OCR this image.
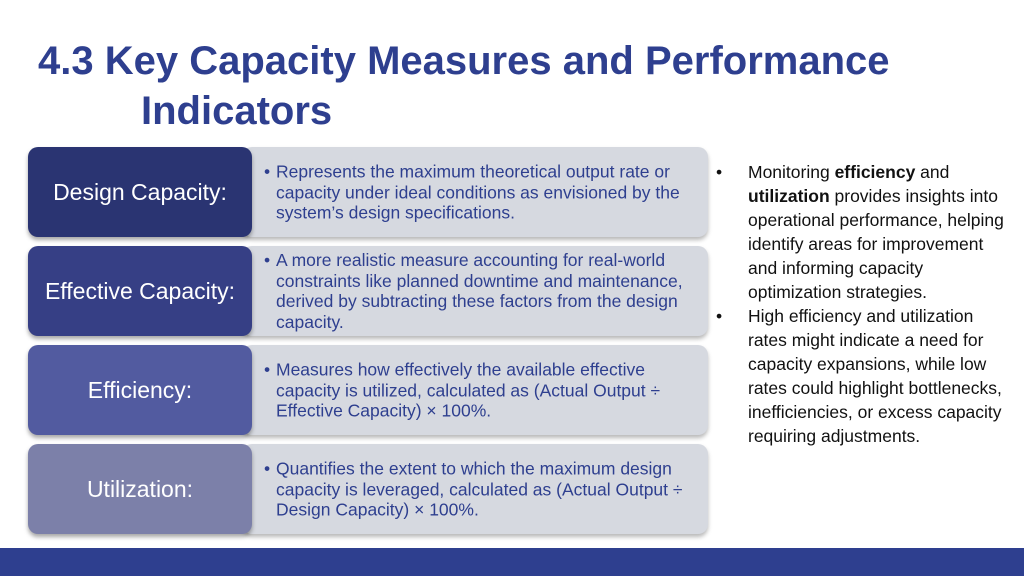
4.3 Key Capacity Measures and Performance
Indicators
• Represents the maximum theoretical output rate or capacity under ideal conditions as envisioned by the system’s design specifications.
Design Capacity:
• A more realistic measure accounting for real-world constraints like planned downtime and maintenance, derived by subtracting these factors from the design capacity.
Effective Capacity:
• Measures how effectively the available effective capacity is utilized, calculated as (Actual Output ÷ Effective Capacity) × 100%.
Efficiency:
• Quantifies the extent to which the maximum design capacity is leveraged, calculated as (Actual Output ÷ Design Capacity) × 100%.
Utilization:
• Monitoring efficiency and utilization provides insights into operational performance, helping identify areas for improvement and informing capacity optimization strategies.
• High efficiency and utilization rates might indicate a need for capacity expansions, while low rates could highlight bottlenecks, inefficiencies, or excess capacity requiring adjustments.
